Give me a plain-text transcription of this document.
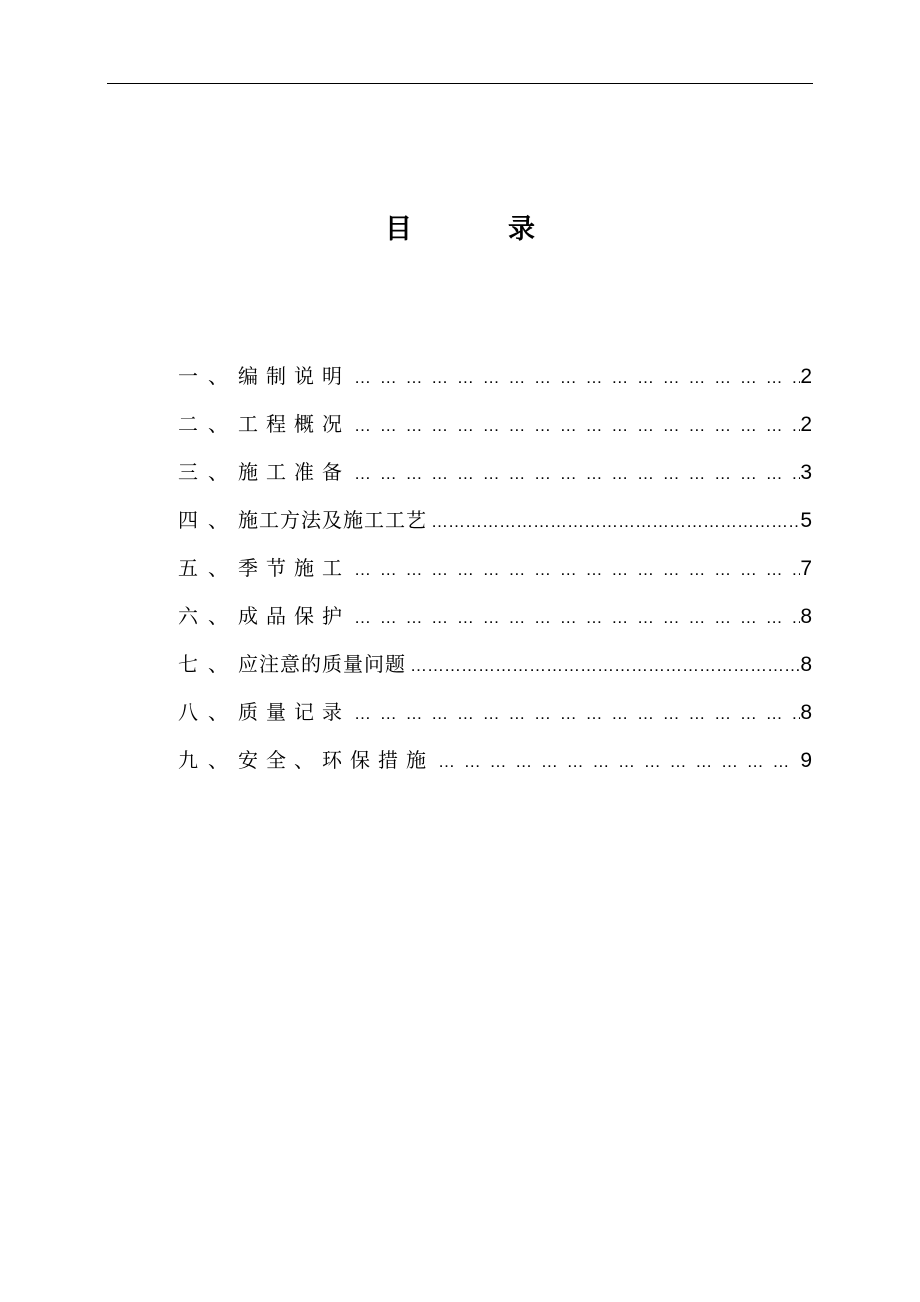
目	录
一、 编制说明 … … … … … … … … … … … … … … … … … … … … … … … … … … … … … …	2
二、 工程概况 … … … … … … … … … … … … … … … … … … … … … … … … … … … … … …	2
三、 施工准备 … … … … … … … … … … … … … … … … … … … … … … … … … … … … … …	3
四、 施工方法及施工工艺 ……………………………………………………………………………………	5
五、 季节施工 … … … … … … … … … … … … … … … … … … … … … … … … … … … … … …	7
六、 成品保护 … … … … … … … … … … … … … … … … … … … … … … … … … … … … … …	8
七、 应注意的质量问题 ……………………………………………………………………………………	8
八、 质量记录 … … … … … … … … … … … … … … … … … … … … … … … … … … … … … …	8
九、 安全、环保措施 … … … … … … … … … … … … … … … … … … … … … … … … … … … … … …	9
